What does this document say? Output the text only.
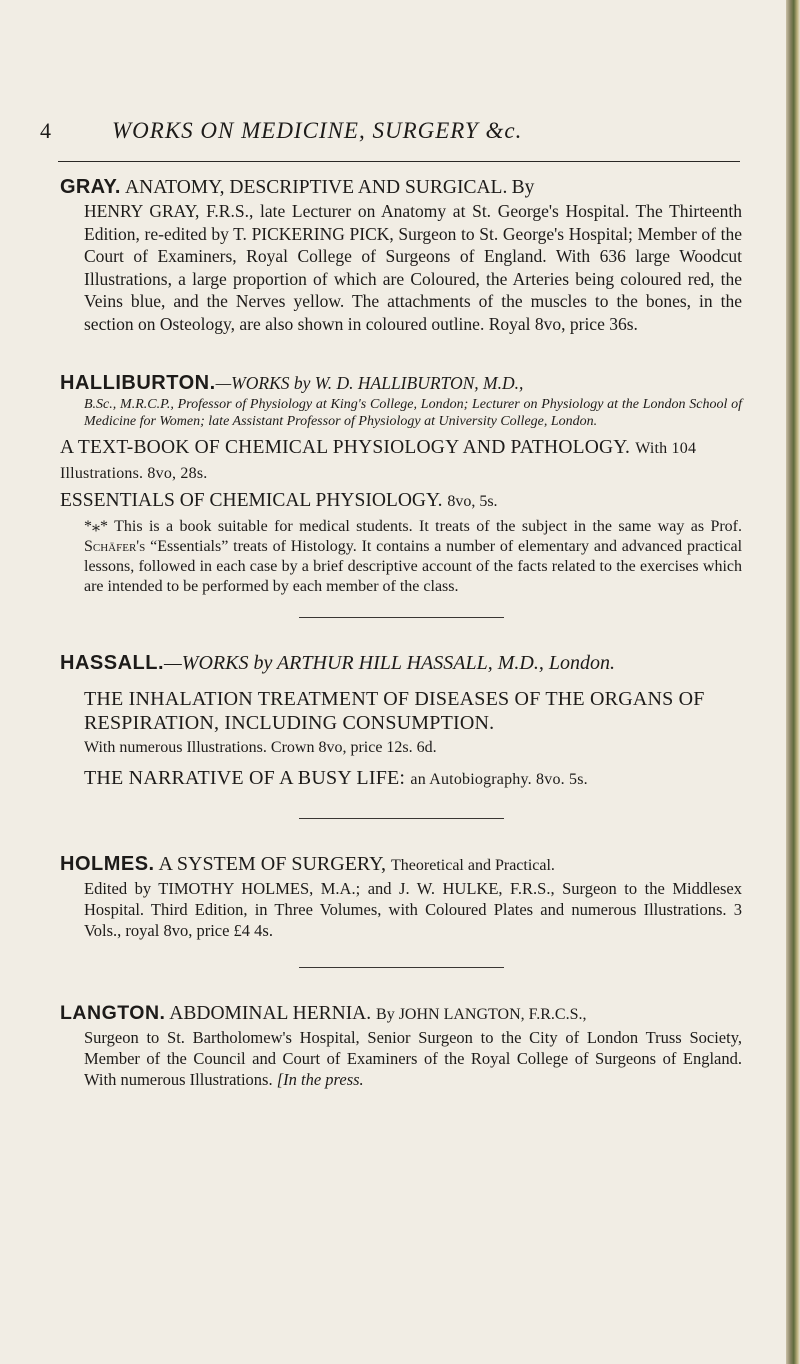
4	WORKS ON MEDICINE, SURGERY &c.
GRAY. ANATOMY, DESCRIPTIVE AND SURGICAL. By
HENRY GRAY, F.R.S., late Lecturer on Anatomy at St. George's Hospital. The Thirteenth Edition, re-edited by T. PICKERING PICK, Surgeon to St. George's Hospital; Member of the Court of Examiners, Royal College of Surgeons of England. With 636 large Woodcut Illustrations, a large proportion of which are Coloured, the Arteries being coloured red, the Veins blue, and the Nerves yellow. The attachments of the muscles to the bones, in the section on Osteology, are also shown in coloured outline. Royal 8vo, price 36s.
HALLIBURTON.—WORKS by W. D. HALLIBURTON, M.D.,
B.Sc., M.R.C.P., Professor of Physiology at King's College, London; Lecturer on Physiology at the London School of Medicine for Women; late Assistant Professor of Physiology at University College, London.
A TEXT-BOOK OF CHEMICAL PHYSIOLOGY AND PATHOLOGY. With 104 Illustrations. 8vo, 28s.
ESSENTIALS OF CHEMICAL PHYSIOLOGY. 8vo, 5s.
*⁎* This is a book suitable for medical students. It treats of the subject in the same way as Prof. Schäfer's “Essentials” treats of Histology. It contains a number of elementary and advanced practical lessons, followed in each case by a brief descriptive account of the facts related to the exercises which are intended to be performed by each member of the class.
HASSALL.—WORKS by ARTHUR HILL HASSALL, M.D., London.
THE INHALATION TREATMENT OF DISEASES OF THE ORGANS OF RESPIRATION, INCLUDING CONSUMPTION.
With numerous Illustrations. Crown 8vo, price 12s. 6d.
THE NARRATIVE OF A BUSY LIFE: an Autobiography. 8vo. 5s.
HOLMES. A SYSTEM OF SURGERY, Theoretical and Practical.
Edited by TIMOTHY HOLMES, M.A.; and J. W. HULKE, F.R.S., Surgeon to the Middlesex Hospital. Third Edition, in Three Volumes, with Coloured Plates and numerous Illustrations. 3 Vols., royal 8vo, price £4 4s.
LANGTON. ABDOMINAL HERNIA. By JOHN LANGTON, F.R.C.S.,
Surgeon to St. Bartholomew's Hospital, Senior Surgeon to the City of London Truss Society, Member of the Council and Court of Examiners of the Royal College of Surgeons of England. With numerous Illustrations. [In the press.
